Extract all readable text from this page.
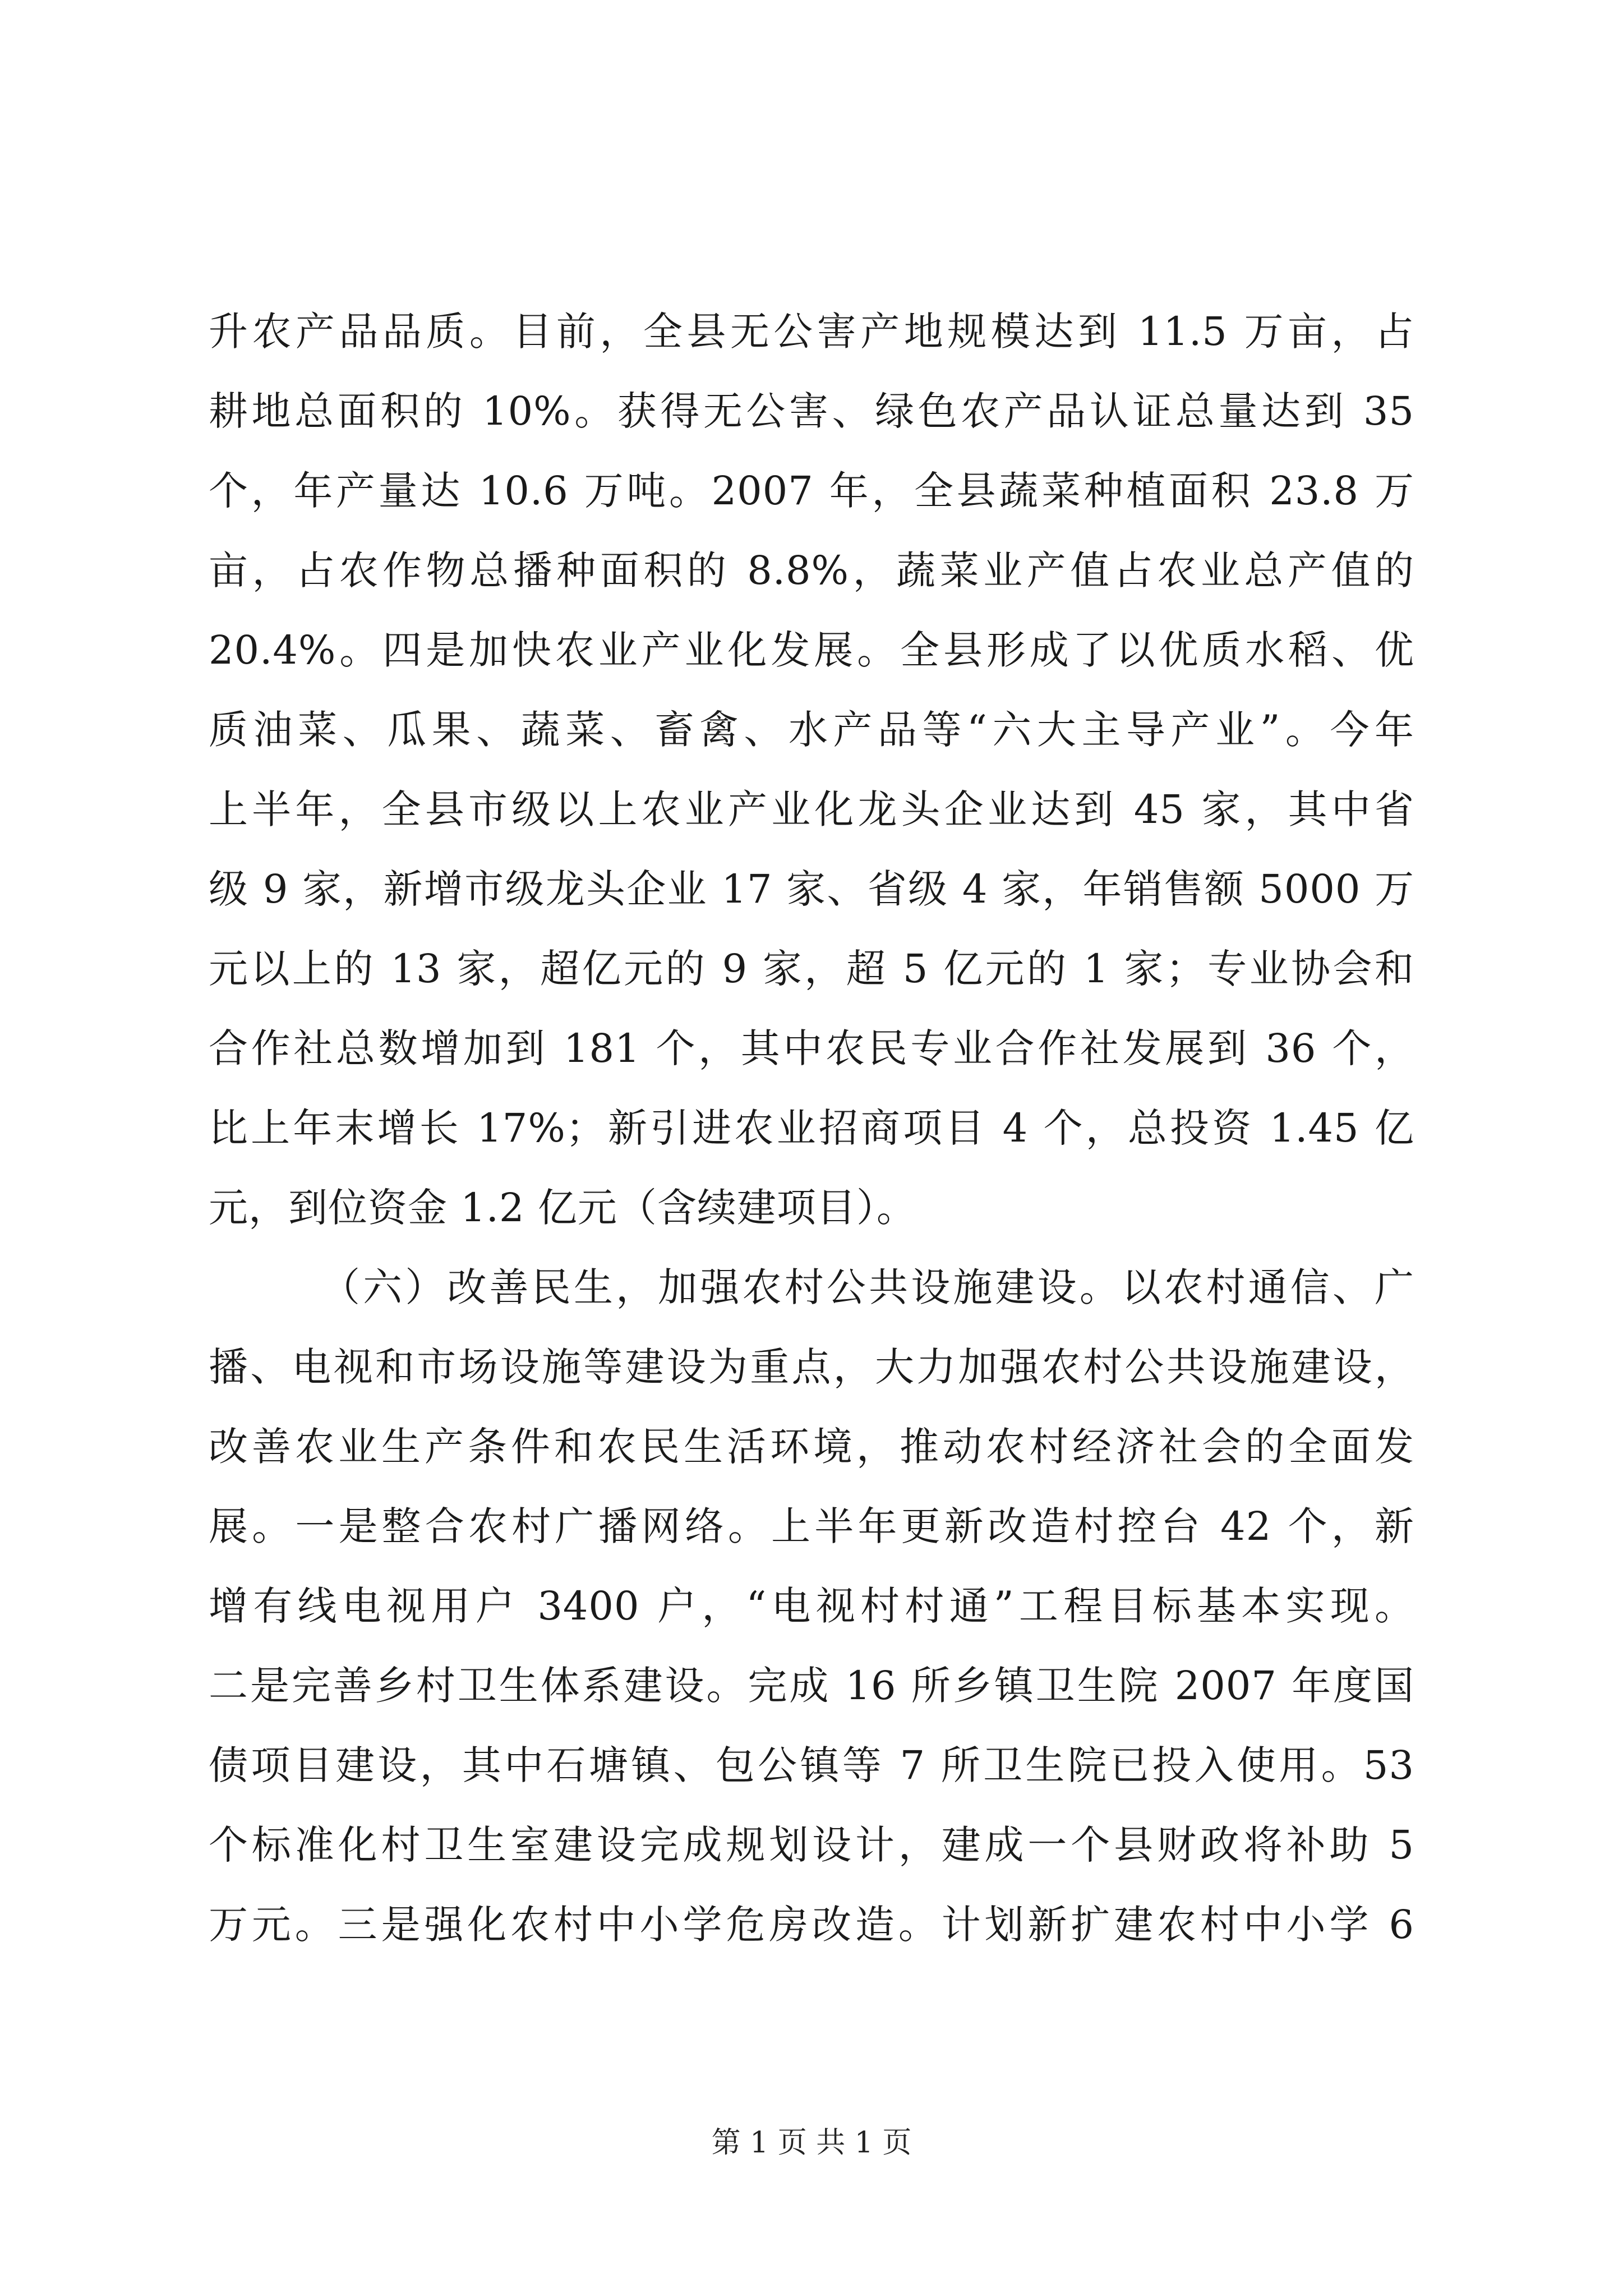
升农产品品质。目前，全县无公害产地规模达到 11.5 万亩，占
耕地总面积的 10%。获得无公害、绿色农产品认证总量达到 35
个，年产量达 10.6 万吨。2007 年，全县蔬菜种植面积 23.8 万
亩，占农作物总播种面积的 8.8%，蔬菜业产值占农业总产值的
20.4%。四是加快农业产业化发展。全县形成了以优质水稻、优
质油菜、瓜果、蔬菜、畜禽、水产品等“六大主导产业”。今年
上半年，全县市级以上农业产业化龙头企业达到 45 家，其中省
级 9 家，新增市级龙头企业 17 家、省级 4 家，年销售额 5000 万
元以上的 13 家，超亿元的 9 家，超 5 亿元的 1 家；专业协会和
合作社总数增加到 181 个，其中农民专业合作社发展到 36 个，
比上年末增长 17%；新引进农业招商项目 4 个，总投资 1.45 亿
元，到位资金 1.2 亿元（含续建项目）。
（六）改善民生，加强农村公共设施建设。以农村通信、广
播、电视和市场设施等建设为重点，大力加强农村公共设施建设，
改善农业生产条件和农民生活环境，推动农村经济社会的全面发
展。一是整合农村广播网络。上半年更新改造村控台 42 个，新
增有线电视用户 3400 户，“电视村村通”工程目标基本实现。
二是完善乡村卫生体系建设。完成 16 所乡镇卫生院 2007 年度国
债项目建设，其中石塘镇、包公镇等 7 所卫生院已投入使用。53
个标准化村卫生室建设完成规划设计，建成一个县财政将补助 5
万元。三是强化农村中小学危房改造。计划新扩建农村中小学 6
第 1 页 共 1 页
